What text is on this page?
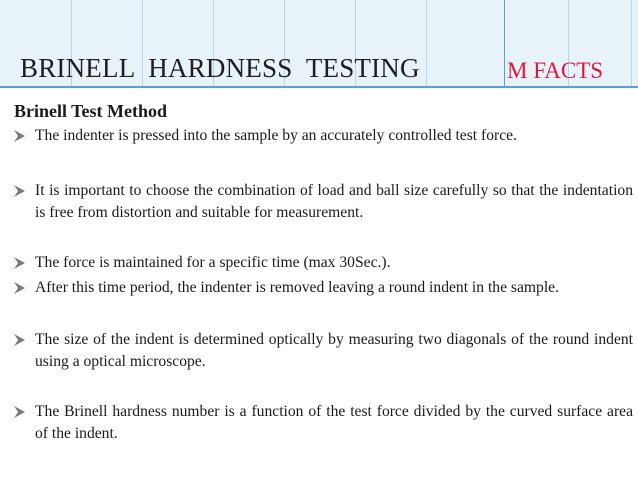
BRINELL  HARDNESS  TESTING	M FACTS
Brinell Test Method
The indenter is pressed into the sample by an accurately controlled test force.
It is important to choose the combination of load and ball size carefully so that the indentation is free from distortion and suitable for measurement.
The force is maintained for a specific time (max 30Sec.).
After this time period, the indenter is removed leaving a round indent in the sample.
The size of the indent is determined optically by measuring two diagonals of the round indent using a optical microscope.
The Brinell hardness number is a function of the test force divided by the curved surface area of the indent.
